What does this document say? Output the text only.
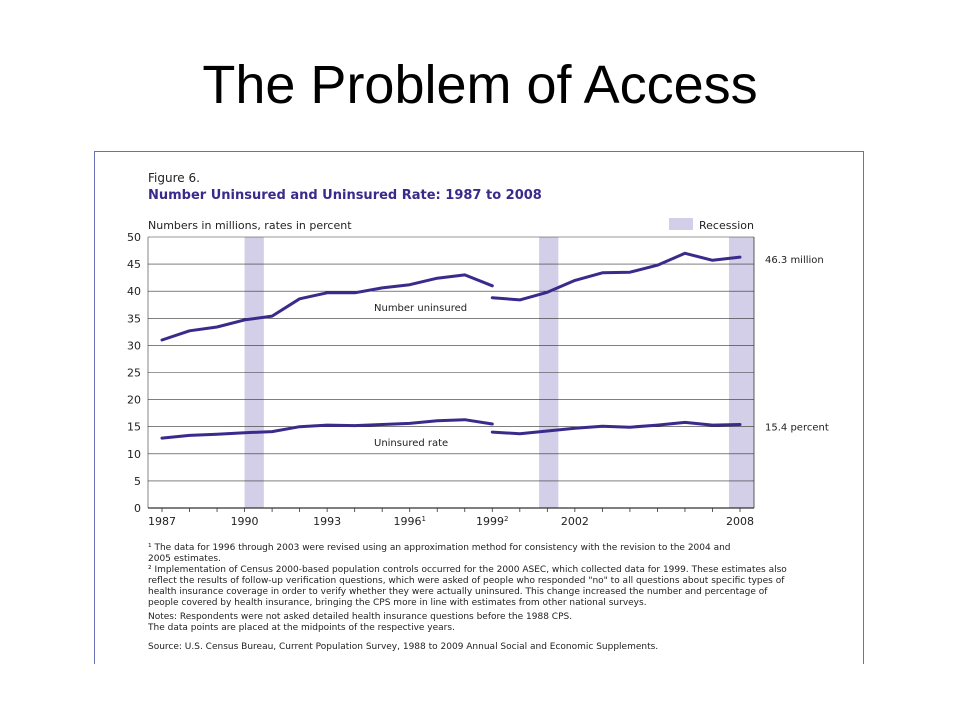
The Problem of Access
Figure 6.
Number Uninsured and Uninsured Rate: 1987 to 2008
Numbers in millions, rates in percent	Recession
0
5
10
15
20
25
30
35
40
45
50
1987	1990	1993	1996$^1$	1999$^2$	2002	2008
Number uninsured
Uninsured rate
46.3 million
15.4 percent
¹ The data for 1996 through 2003 were revised using an approximation method for consistency with the revision to the 2004 and
2005 estimates.
² Implementation of Census 2000-based population controls occurred for the 2000 ASEC, which collected data for 1999. These estimates also
reflect the results of follow-up verification questions, which were asked of people who responded "no" to all questions about specific types of
health insurance coverage in order to verify whether they were actually uninsured. This change increased the number and percentage of
people covered by health insurance, bringing the CPS more in line with estimates from other national surveys.
Notes: Respondents were not asked detailed health insurance questions before the 1988 CPS.
The data points are placed at the midpoints of the respective years.
Source: U.S. Census Bureau, Current Population Survey, 1988 to 2009 Annual Social and Economic Supplements.
